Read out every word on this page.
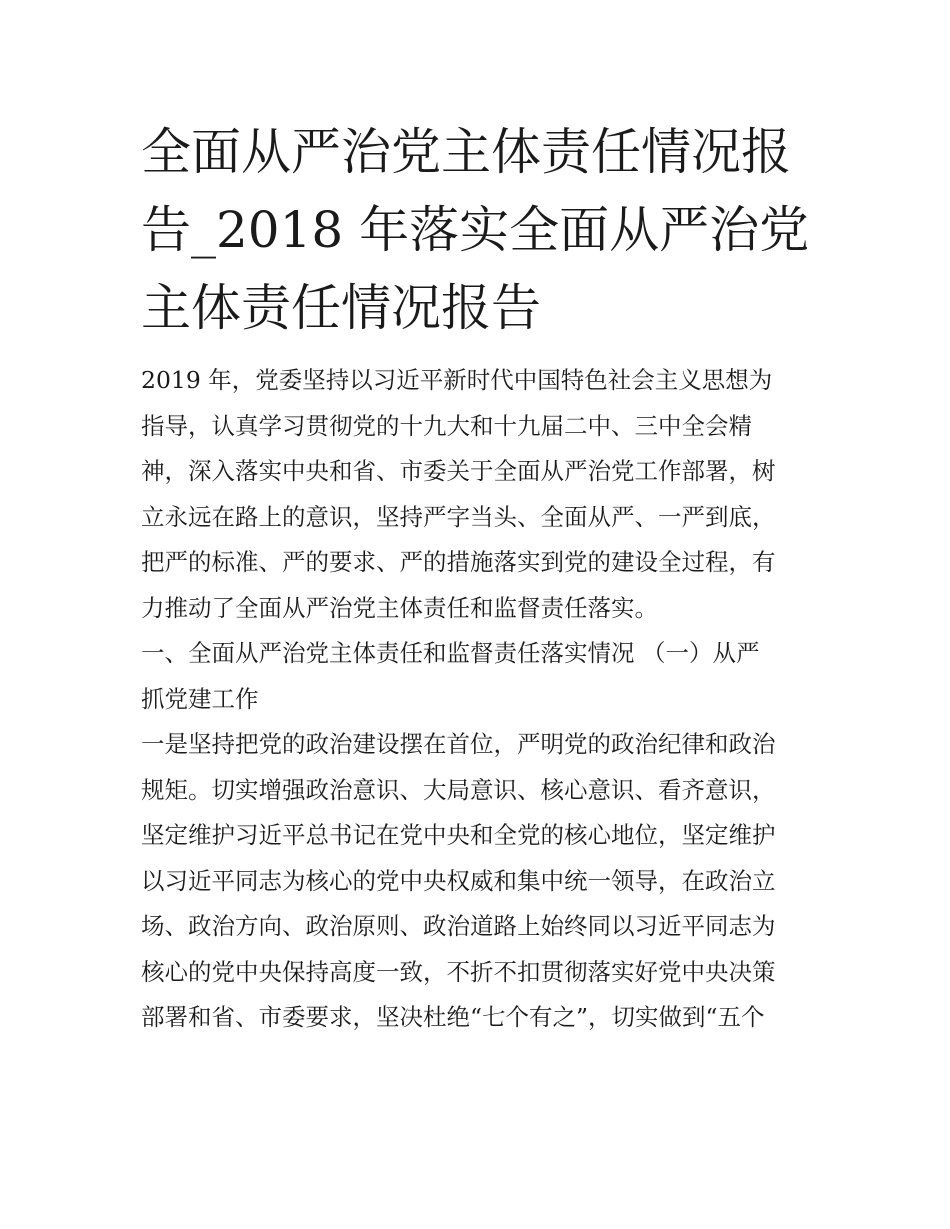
全面从严治党主体责任情况报
告_2018 年落实全面从严治党
主体责任情况报告
2019 年，党委坚持以习近平新时代中国特色社会主义思想为
指导，认真学习贯彻党的十九大和十九届二中、三中全会精
神，深入落实中央和省、市委关于全面从严治党工作部署，树
立永远在路上的意识，坚持严字当头、全面从严、一严到底，
把严的标准、严的要求、严的措施落实到党的建设全过程，有
力推动了全面从严治党主体责任和监督责任落实。
一、全面从严治党主体责任和监督责任落实情况 （一）从严
抓党建工作
一是坚持把党的政治建设摆在首位，严明党的政治纪律和政治
规矩。切实增强政治意识、大局意识、核心意识、看齐意识，
坚定维护习近平总书记在党中央和全党的核心地位，坚定维护
以习近平同志为核心的党中央权威和集中统一领导，在政治立
场、政治方向、政治原则、政治道路上始终同以习近平同志为
核心的党中央保持高度一致，不折不扣贯彻落实好党中央决策
部署和省、市委要求，坚决杜绝“七个有之”，切实做到“五个
